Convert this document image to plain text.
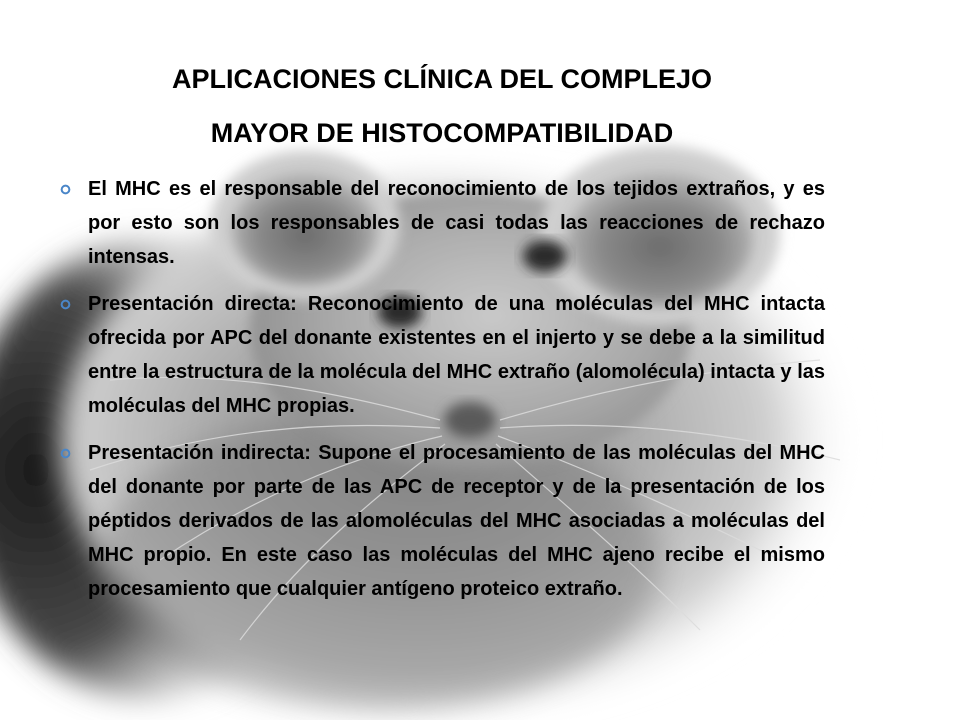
APLICACIONES CLÍNICA DEL COMPLEJO
MAYOR DE HISTOCOMPATIBILIDAD
El MHC es el responsable del reconocimiento de los tejidos extraños, y es por esto son los responsables de casi todas las reacciones de rechazo intensas.
Presentación directa: Reconocimiento de una moléculas del MHC intacta ofrecida por APC del donante existentes en el injerto y se debe a la similitud entre la estructura de la molécula del MHC extraño (alomolécula) intacta y las moléculas del MHC propias.
Presentación indirecta: Supone el procesamiento de las moléculas del MHC del donante por parte de las APC de receptor y de la presentación de los péptidos derivados de las alomoléculas del MHC asociadas a moléculas del MHC propio. En este caso las moléculas del MHC ajeno recibe el mismo procesamiento que cualquier antígeno proteico extraño.
